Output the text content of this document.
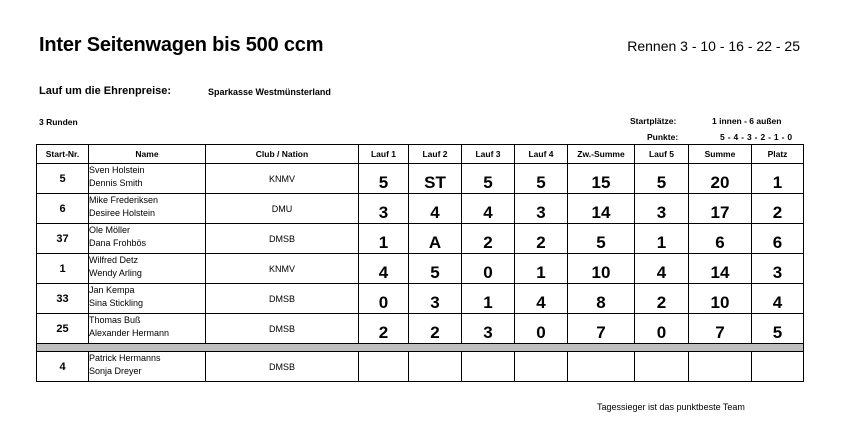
Inter Seitenwagen bis 500 ccm	Rennen 3 - 10 - 16 - 22 - 25
Lauf um die Ehrenpreise:	Sparkasse Westmünsterland
3 Runden	Startplätze:	1 innen - 6 außen
Punkte:	5 - 4 - 3 - 2 - 1 - 0
Start-Nr.	Name	Club / Nation	Lauf 1	Lauf 2	Lauf 3	Lauf 4	Zw.-Summe	Lauf 5	Summe	Platz
5	Sven Holstein
Dennis Smith	KNMV	5	ST	5	5	15	5	20	1
6	Mike Frederiksen
Desiree Holstein	DMU	3	4	4	3	14	3	17	2
37	Ole Möller
Dana Frohbös	DMSB	1	A	2	2	5	1	6	6
1	Wilfred Detz
Wendy Arling	KNMV	4	5	0	1	10	4	14	3
33	Jan Kempa
Sina Stickling	DMSB	0	3	1	4	8	2	10	4
25	Thomas Buß
Alexander Hermann	DMSB	2	2	3	0	7	0	7	5

4	Patrick Hermanns
Sonja Dreyer	DMSB								
Tagessieger ist das punktbeste Team
